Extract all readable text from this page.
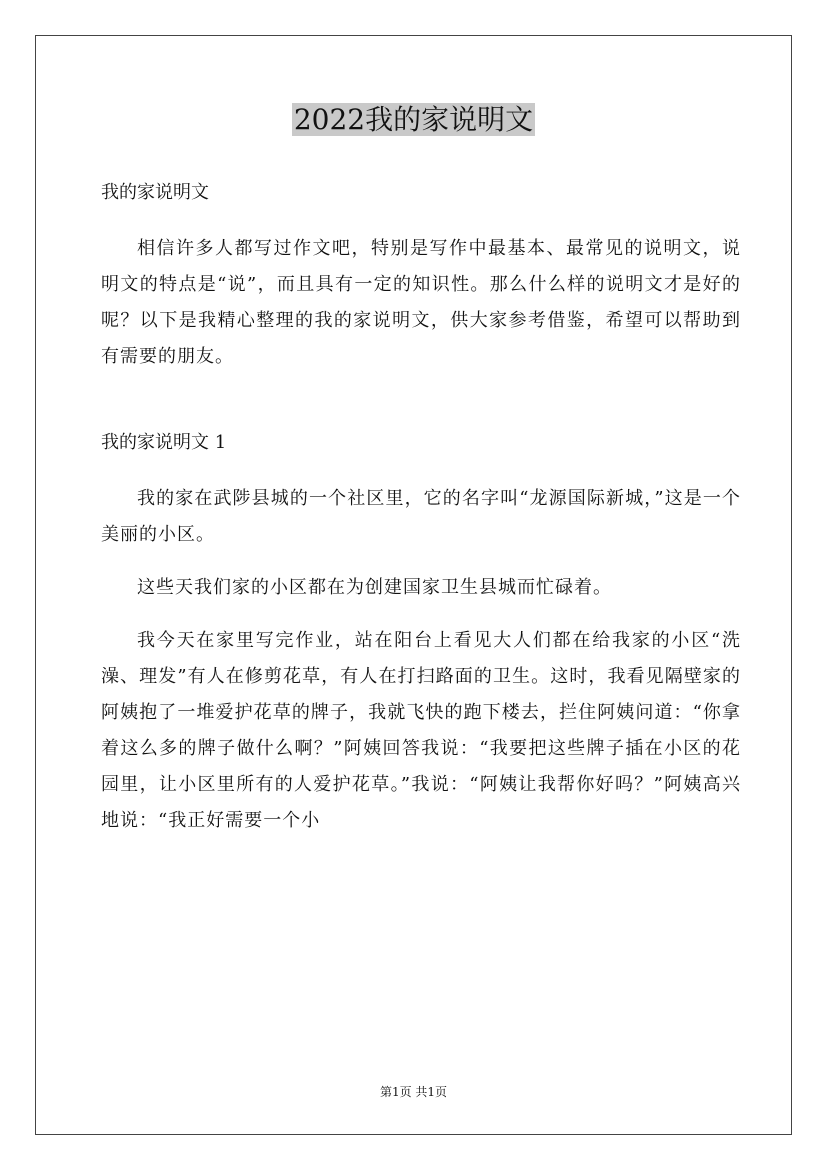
2022我的家说明文

我的家说明文

相信许多人都写过作文吧，特别是写作中最基本、最常见的说明文，说明文的特点是“说”，而且具有一定的知识性。那么什么样的说明文才是好的呢？以下是我精心整理的我的家说明文，供大家参考借鉴，希望可以帮助到有需要的朋友。

我的家说明文 1

我的家在武陟县城的一个社区里，它的名字叫“龙源国际新城，”这是一个美丽的小区。

这些天我们家的小区都在为创建国家卫生县城而忙碌着。

我今天在家里写完作业，站在阳台上看见大人们都在给我家的小区“洗澡、理发”有人在修剪花草，有人在打扫路面的卫生。这时，我看见隔壁家的阿姨抱了一堆爱护花草的牌子，我就飞快的跑下楼去，拦住阿姨问道：“你拿着这么多的牌子做什么啊？”阿姨回答我说：“我要把这些牌子插在小区的花园里，让小区里所有的人爱护花草。”我说：“阿姨让我帮你好吗？”阿姨高兴地说：“我正好需要一个小

第1页 共1页
